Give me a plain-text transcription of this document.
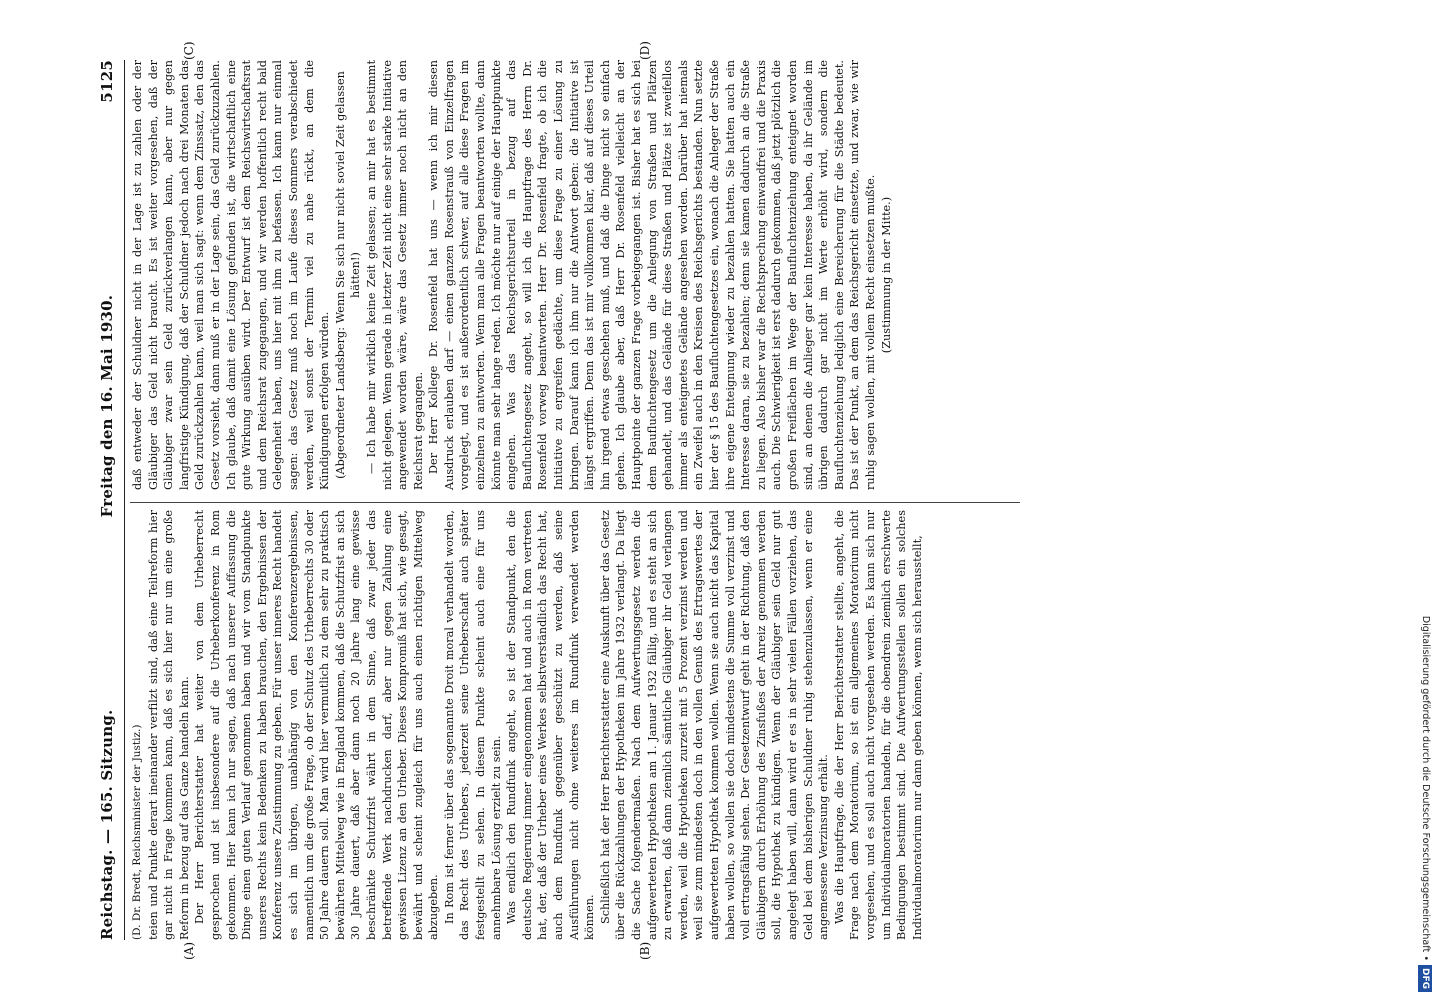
Reichstag. — 165. Sitzung.
Freitag den 16. Mai 1930.
5125

(D. Dr. Bredt, Reichsminister der Justiz.) teien und Punkte derart ineinander verfilzt sind, daß eine Teilreform hier gar nicht in Frage kommen kann, daß es sich hier nur um eine große Reform in bezug auf das Ganze handeln kann. Der Herr Berichterstatter hat weiter von dem Urheberrecht gesprochen und ist insbesondere auf die Urheberkonferenz in Rom gekommen. Hier kann ich nur sagen, daß nach unserer Auffassung die Dinge einen guten Verlauf genommen haben und wir vom Standpunkte unseres Rechts kein Bedenken zu haben brauchen, den Ergebnissen der Konferenz unsere Zustimmung zu geben. Für unser inneres Recht handelt es sich im übrigen, unabhängig von den Konferenzergebnissen, namentlich um die große Frage, ob der Schutz des Urheberrechts 30 oder 50 Jahre dauern soll. Man wird hier vermutlich zu dem sehr zu praktisch bewährten Mittelweg wie in England kommen, daß die Schutzfrist an sich 30 Jahre dauert, daß aber dann noch 20 Jahre lang eine gewisse beschränkte Schutzfrist währt in dem Sinne, daß zwar jeder das betreffende Werk nachdrucken darf, aber nur gegen Zahlung eine gewissen Lizenz an den Urheber. Dieses Kompromiß hat sich, wie gesagt, bewährt und scheint zugleich für uns auch einen richtigen Mittelweg abzugeben. In Rom ist ferner über das sogenannte Droit moral verhandelt worden, das Recht des Urhebers, jederzeit seine Urheberschaft auch später festgestellt zu sehen. In diesem Punkte scheint auch eine für uns annehmbare Lösung erzielt zu sein. Was endlich den Rundfunk angeht, so ist der Standpunkt, den die deutsche Regierung immer eingenommen hat und auch in Rom vertreten hat, der, daß der Urheber eines Werkes selbstverständlich das Recht hat, auch dem Rundfunk gegenüber geschützt zu werden, daß seine Ausführungen nicht ohne weiteres im Rundfunk verwendet werden können. Schließlich hat der Herr Berichterstatter eine Auskunft über das Gesetz über die Rückzahlungen der Hypotheken im Jahre 1932 verlangt. Da liegt die Sache folgendermaßen. Nach dem Aufwertungsgesetz werden die aufgewerteten Hypotheken am 1. Januar 1932 fällig, und es steht an sich zu erwarten, daß dann ziemlich sämtliche Gläubiger ihr Geld verlangen werden, weil die Hypotheken zurzeit mit 5 Prozent verzinst werden und weil sie zum mindesten doch in den vollen Genuß des Ertragswertes der aufgewerteten Hypothek kommen wollen. Wenn sie auch nicht das Kapital haben wollen, so wollen sie doch mindestens die Summe voll verzinst und voll ertragsfähig sehen. Der Gesetzentwurf geht in der Richtung, daß den Gläubigern durch Erhöhung des Zinsfußes der Anreiz genommen werden soll, die Hypothek zu kündigen. Wenn der Gläubiger sein Geld nur gut angelegt haben will, dann wird er es in sehr vielen Fällen vorziehen, das Geld bei dem bisherigen Schuldner ruhig stehenzulassen, wenn er eine angemessene Verzinsung erhält. Was die Hauptfrage, die der Herr Berichterstatter stellte, angeht, die Frage nach dem Moratorium, so ist ein allgemeines Moratorium nicht vorgesehen, und es soll auch nicht vorgesehen werden. Es kann sich nur um Individualmoratorien handeln, für die obendrein ziemlich erschwerte Bedingungen bestimmt sind. Die Aufwertungsstellen sollen ein solches Individualmoratorium nur dann geben können, wenn sich herausstellt,

daß entweder der Schuldner nicht in der Lage ist zu zahlen oder der Gläubiger das Geld nicht braucht. Es ist weiter vorgesehen, daß der Gläubiger zwar sein Geld zurückverlangen kann, aber nur gegen langfristige Kündigung, daß der Schuldner jedoch nach drei Monaten das Geld zurückzahlen kann, weil man sich sagt: wenn dem Zinssatz, den das Gesetz vorsieht, dann muß er in der Lage sein, das Geld zurückzuzahlen. Ich glaube, daß damit eine Lösung gefunden ist, die wirtschaftlich eine gute Wirkung ausüben wird. Der Entwurf ist dem Reichswirtschaftsrat und dem Reichsrat zugegangen, und wir werden hoffentlich recht bald Gelegenheit haben, uns hier mit ihm zu befassen. Ich kann nur einmal sagen: das Gesetz muß noch im Laufe dieses Sommers verabschiedet werden, weil sonst der Termin viel zu nahe rückt, an dem die Kündigungen erfolgen würden. (Abgeordneter Landsberg: Wenn Sie sich nur nicht soviel Zeit gelassen hätten!) — Ich habe mir wirklich keine Zeit gelassen; an mir hat es bestimmt nicht gelegen. Wenn gerade in letzter Zeit nicht eine sehr starke Initiative angewendet worden wäre, wäre das Gesetz immer noch nicht an den Reichsrat gegangen. Der Herr Kollege Dr. Rosenfeld hat uns — wenn ich mir diesen Ausdruck erlauben darf — einen ganzen Rosenstrauß von Einzelfragen vorgelegt, und es ist außerordentlich schwer, auf alle diese Fragen im einzelnen zu antworten. Wenn man alle Fragen beantworten wollte, dann könnte man sehr lange reden. Ich möchte nur auf einige der Hauptpunkte eingehen. Was das Reichsgerichtsurteil in bezug auf das Baufluchtengesetz angeht, so will ich die Hauptfrage des Herrn Dr. Rosenfeld vorweg beantworten. Herr Dr. Rosenfeld fragte, ob ich die Initiative zu ergreifen gedächte, um diese Frage zu einer Lösung zu bringen. Darauf kann ich ihm nur die Antwort geben: die Initiative ist längst ergriffen. Denn das ist mir vollkommen klar, daß auf dieses Urteil hin irgend etwas geschehen muß, und daß die Dinge nicht so einfach gehen. Ich glaube aber, daß Herr Dr. Rosenfeld vielleicht an der Hauptpointe der ganzen Frage vorbeigegangen ist. Bisher hat es sich bei dem Baufluchtengesetz um die Anlegung von Straßen und Plätzen gehandelt, und das Gelände für diese Straßen und Plätze ist zweifellos immer als enteignetes Gelände angesehen worden. Darüber hat niemals ein Zweifel auch in den Kreisen des Reichsgerichts bestanden. Nun setzte hier der § 15 des Baufluchtengesetzes ein, wonach die Anleger der Straße ihre eigene Enteignung wieder zu bezahlen hatten. Sie hatten auch ein Interesse daran, sie zu bezahlen; denn sie kamen dadurch an die Straße zu liegen. Also bisher war die Rechtsprechung einwandfrei und die Praxis auch. Die Schwierigkeit ist erst dadurch gekommen, daß jetzt plötzlich die großen Freiflächen im Wege der Baufluchtenziehung enteignet worden sind, an denen die Anlieger gar kein Interesse haben, da ihr Gelände im übrigen dadurch gar nicht im Werte erhöht wird, sondern die Baufluchtenziehung lediglich eine Bereicherung für die Städte bedeutet. Das ist der Punkt, an dem das Reichsgericht einsetzte, und zwar, wie wir ruhig sagen wollen, mit vollem Recht einsetzen mußte. (Zustimmung in der Mitte.)

(A)	(B)
(C)	(D)
Digitalisierung gefördert durch die Deutsche Forschungsgemeinschaft •DFG
